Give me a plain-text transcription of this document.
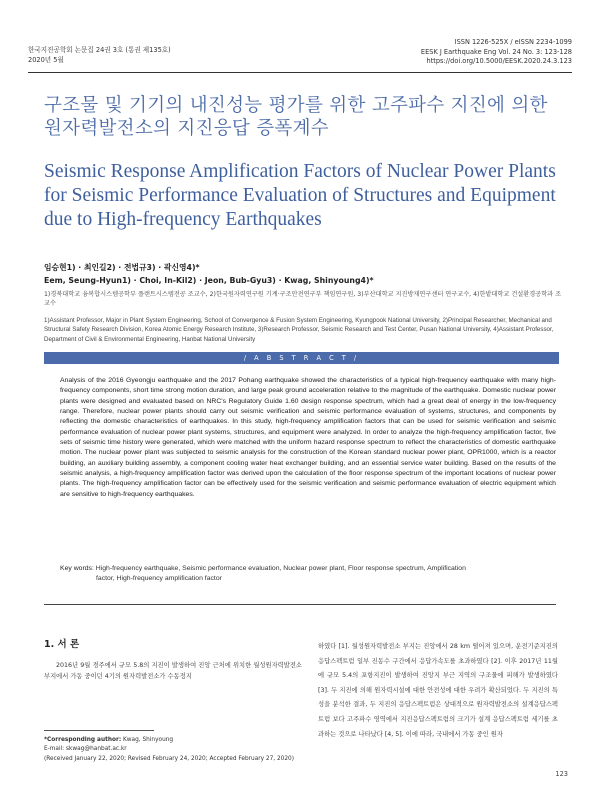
한국지진공학회 논문집 24권 3호 (통권 제135호)
2020년 5월
ISSN 1226-525X / eISSN 2234-1099
EESK J Earthquake Eng Vol. 24 No. 3: 123-128
https://doi.org/10.5000/EESK.2020.24.3.123
구조물 및 기기의 내진성능 평가를 위한 고주파수 지진에 의한 원자력발전소의 지진응답 증폭계수
Seismic Response Amplification Factors of Nuclear Power Plants for Seismic Performance Evaluation of Structures and Equipment due to High-frequency Earthquakes
임승현1) · 최인길2) · 전법규3) · 곽신영4)*
Eem, Seung-Hyun1) · Choi, In-Kil2) · Jeon, Bub-Gyu3) · Kwag, Shinyoung4)*
1)경북대학교 융복합시스템공학부 플랜트시스템전공 조교수, 2)한국원자력연구원 기계·구조안전연구부 책임연구원, 3)부산대학교 지진방재연구센터 연구교수, 4)한밭대학교 건설환경공학과 조교수
1)Assistant Professor, Major in Plant System Engineering, School of Convergence & Fusion System Engineering, Kyungpook National University, 2)Principal Researcher, Mechanical and Structural Safety Research Division, Korea Atomic Energy Research Institute, 3)Research Professor, Seismic Research and Test Center, Pusan National University, 4)Assistant Professor, Department of Civil & Environmental Engineering, Hanbat National University
/ A B S T R A C T /
Analysis of the 2016 Gyeongju earthquake and the 2017 Pohang earthquake showed the characteristics of a typical high-frequency earthquake with many high-frequency components, short time strong motion duration, and large peak ground acceleration relative to the magnitude of the earthquake. Domestic nuclear power plants were designed and evaluated based on NRC's Regulatory Guide 1.60 design response spectrum, which had a great deal of energy in the low-frequency range. Therefore, nuclear power plants should carry out seismic verification and seismic performance evaluation of systems, structures, and components by reflecting the domestic characteristics of earthquakes. In this study, high-frequency amplification factors that can be used for seismic verification and seismic performance evaluation of nuclear power plant systems, structures, and equipment were analyzed. In order to analyze the high-frequency amplification factor, five sets of seismic time history were generated, which were matched with the uniform hazard response spectrum to reflect the characteristics of domestic earthquake motion. The nuclear power plant was subjected to seismic analysis for the construction of the Korean standard nuclear power plant, OPR1000, which is a reactor building, an auxiliary building assembly, a component cooling water heat exchanger building, and an essential service water building. Based on the results of the seismic analysis, a high-frequency amplification factor was derived upon the calculation of the floor response spectrum of the important locations of nuclear power plants. The high-frequency amplification factor can be effectively used for the seismic verification and seismic performance evaluation of electric equipment which are sensitive to high-frequency earthquakes.
Key words: High-frequency earthquake, Seismic performance evaluation, Nuclear power plant, Floor response spectrum, Amplification
factor, High-frequency amplification factor
1. 서 론
2016년 9월 경주에서 규모 5.8의 지진이 발생하여 진앙 근처에 위치한 월성원자력발전소 부지에서 가동 중이던 4기의 원자력발전소가 수동정지
하였다 [1]. 월성원자력발전소 부지는 진앙에서 28 km 떨어져 있으며, 운전기준지진의 응답스펙트럼 일부 진동수 구간에서 응답가속도를 초과하였다 [2]. 이후 2017년 11월에 규모 5.4의 포항지진이 발생하여 진앙지 부근 지역의 구조물에 피해가 발생하였다 [3]. 두 지진에 의해 원자력시설에 대한 안전성에 대한 우려가 확산되었다. 두 지진의 특성을 분석한 결과, 두 지진의 응답스펙트럼은 상대적으로 원자력발전소의 설계응답스펙트럼 보다 고주파수 영역에서 지진응답스펙트럼의 크기가 설계 응답스펙트럼 세기를 초과하는 것으로 나타났다 [4, 5]. 이에 따라, 국내에서 가동 중인 원자
*Corresponding author: Kwag, Shinyoung
E-mail: skwag@hanbat.ac.kr
(Received January 22, 2020; Revised February 24, 2020; Accepted February 27, 2020)
123
